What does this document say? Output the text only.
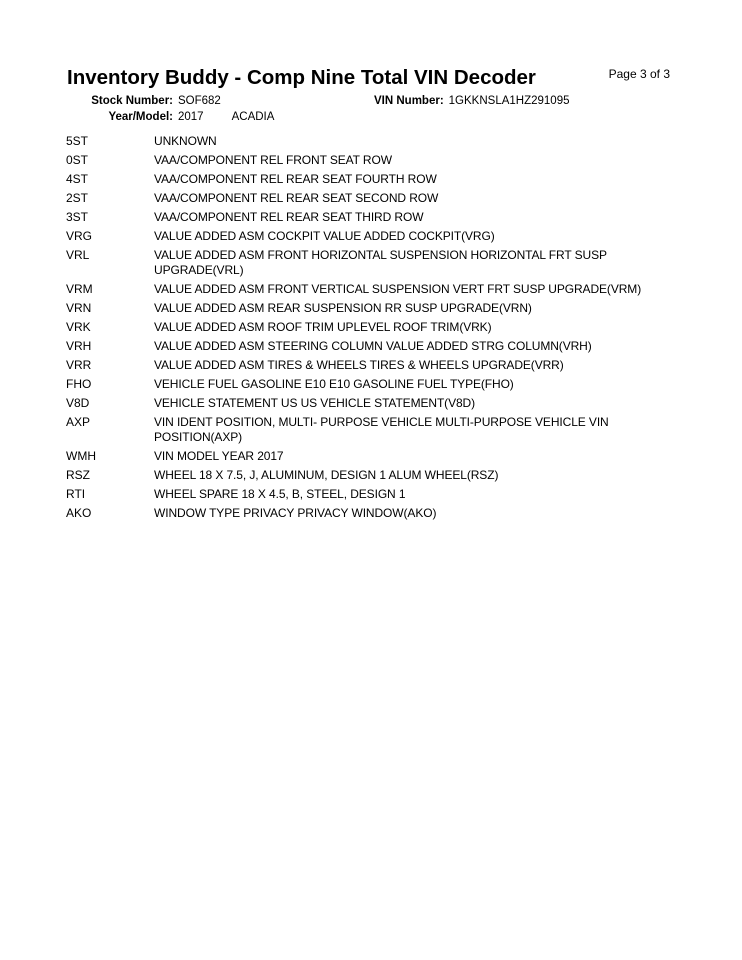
Inventory Buddy - Comp Nine Total VIN Decoder	Page 3 of 3
Stock Number: SOF682	VIN Number: 1GKKNSLA1HZ291095
Year/Model: 2017 ACADIA
5ST	UNKNOWN
0ST	VAA/COMPONENT REL FRONT SEAT ROW
4ST	VAA/COMPONENT REL REAR SEAT FOURTH ROW
2ST	VAA/COMPONENT REL REAR SEAT SECOND ROW
3ST	VAA/COMPONENT REL REAR SEAT THIRD ROW
VRG	VALUE ADDED ASM COCKPIT VALUE ADDED COCKPIT(VRG)
VRL	VALUE ADDED ASM FRONT HORIZONTAL SUSPENSION HORIZONTAL FRT SUSP UPGRADE(VRL)
VRM	VALUE ADDED ASM FRONT VERTICAL SUSPENSION VERT FRT SUSP UPGRADE(VRM)
VRN	VALUE ADDED ASM REAR SUSPENSION RR SUSP UPGRADE(VRN)
VRK	VALUE ADDED ASM ROOF TRIM UPLEVEL ROOF TRIM(VRK)
VRH	VALUE ADDED ASM STEERING COLUMN VALUE ADDED STRG COLUMN(VRH)
VRR	VALUE ADDED ASM TIRES & WHEELS TIRES & WHEELS UPGRADE(VRR)
FHO	VEHICLE FUEL GASOLINE E10 E10 GASOLINE FUEL TYPE(FHO)
V8D	VEHICLE STATEMENT US US VEHICLE STATEMENT(V8D)
AXP	VIN IDENT POSITION, MULTI- PURPOSE VEHICLE MULTI-PURPOSE VEHICLE VIN POSITION(AXP)
WMH	VIN MODEL YEAR 2017
RSZ	WHEEL 18 X 7.5, J, ALUMINUM, DESIGN 1 ALUM WHEEL(RSZ)
RTI	WHEEL SPARE 18 X 4.5, B, STEEL, DESIGN 1
AKO	WINDOW TYPE PRIVACY PRIVACY WINDOW(AKO)
